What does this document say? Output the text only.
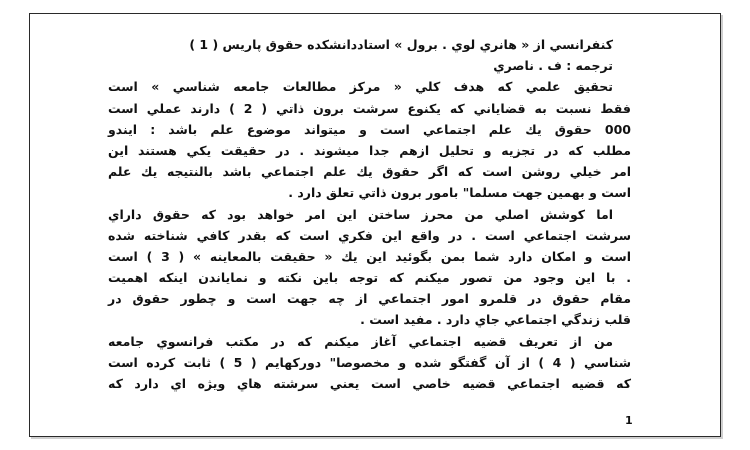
كنفرانسي از « هانري لوي . برول » استاددانشكده حقوق پاريس ( 1 )
ترجمه : ف . ناصري
تحقيق علمي كه هدف كلي « مركز مطالعات جامعه شناسي » است
فقط نسبت به قضاياني كه يكنوع سرشت برون ذاتي ( 2 ) دارند عملي است
000 حقوق يك علم اجتماعي است و ميتواند موضوع علم باشد : ايندو
مطلب كه در تجزيه و تحليل ازهم جدا ميشوند . در حقيقت يكي هستند اين
امر خيلي روشن است كه اگر حقوق يك علم اجتماعي باشد بالنتيجه يك علم
است و بهمين جهت مسلما" بامور برون ذاتي تعلق دارد .
اما كوشش اصلي من محرز ساختن اين امر خواهد بود كه حقوق داراي
سرشت اجتماعي است . در واقع اين فكري است كه بقدر كافي شناخته شده
است و امكان دارد شما بمن بگوئيد اين يك « حقيقت بالمعاينه » ( 3 ) است
. با اين وجود من تصور ميكنم كه توجه باين نكته و نماياندن اينكه اهميت
مقام حقوق در قلمرو امور اجتماعي از چه جهت است و چطور حقوق در
قلب زندگي اجتماعي جاي دارد . مفيد است .
من از تعريف قضيه اجتماعي آغاز ميكنم كه در مكتب فرانسوي جامعه
شناسي ( 4 ) از آن گفتگو شده و مخصوصا" دوركهايم ( 5 ) ثابت كرده است
كه قضيه اجتماعي قضيه خاصي است يعني سرشته هاي ويژه اي دارد كه
1
